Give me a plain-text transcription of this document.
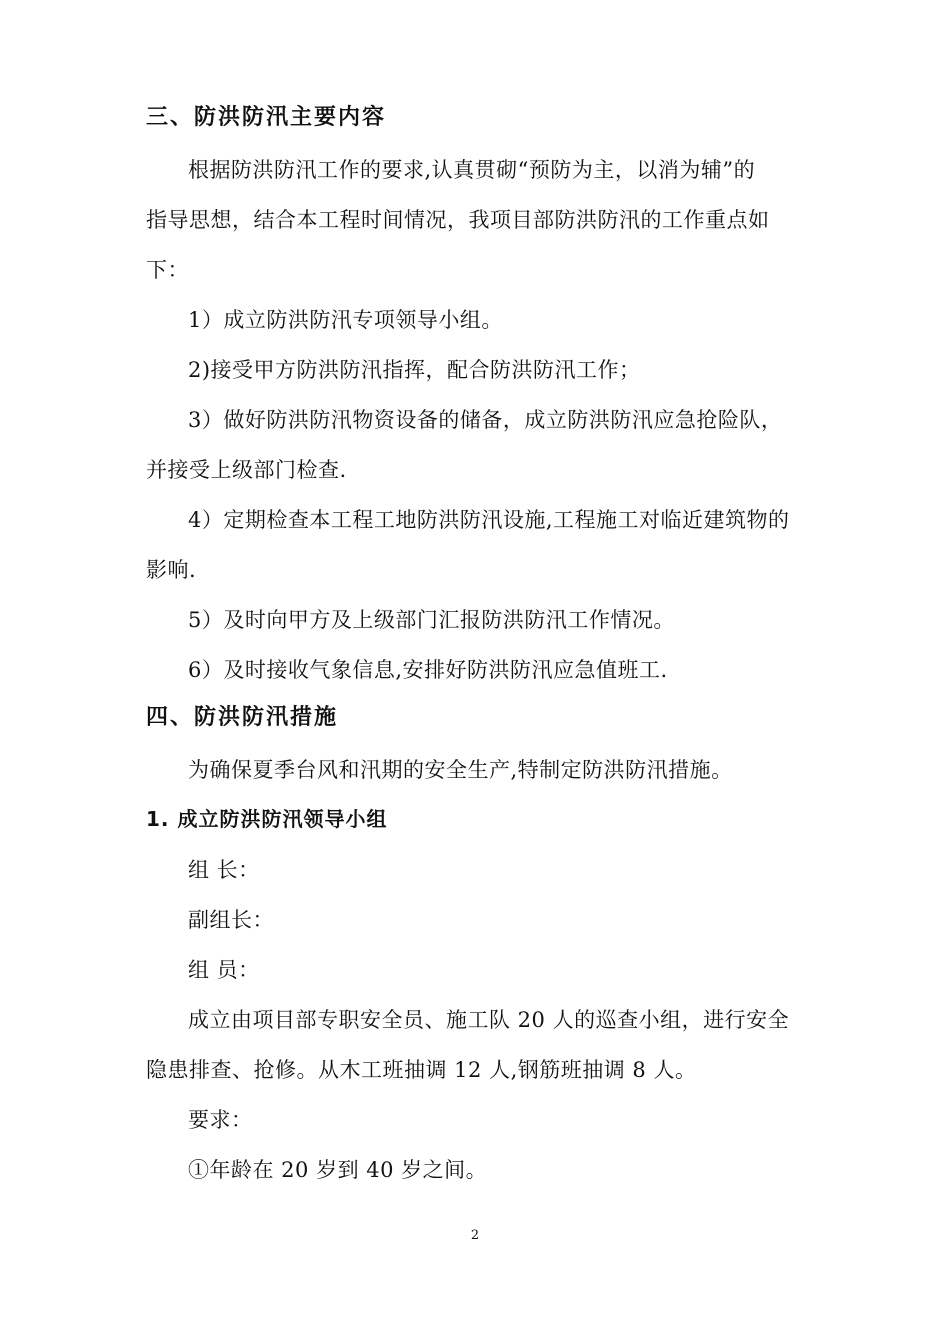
三、防洪防汛主要内容
根据防洪防汛工作的要求,认真贯砌“预防为主，以消为辅”的
指导思想，结合本工程时间情况，我项目部防洪防汛的工作重点如
下：
1）成立防洪防汛专项领导小组。
2)接受甲方防洪防汛指挥，配合防洪防汛工作；
3）做好防洪防汛物资设备的储备，成立防洪防汛应急抢险队，
并接受上级部门检查.
4）定期检查本工程工地防洪防汛设施,工程施工对临近建筑物的
影响.
5）及时向甲方及上级部门汇报防洪防汛工作情况。
6）及时接收气象信息,安排好防洪防汛应急值班工.
四、防洪防汛措施
为确保夏季台风和汛期的安全生产,特制定防洪防汛措施。
1. 成立防洪防汛领导小组
组 长：
副组长：
组 员：
成立由项目部专职安全员、施工队 20 人的巡查小组，进行安全
隐患排查、抢修。从木工班抽调 12 人,钢筋班抽调 8 人。
要求：
①年龄在 20 岁到 40 岁之间。
2
